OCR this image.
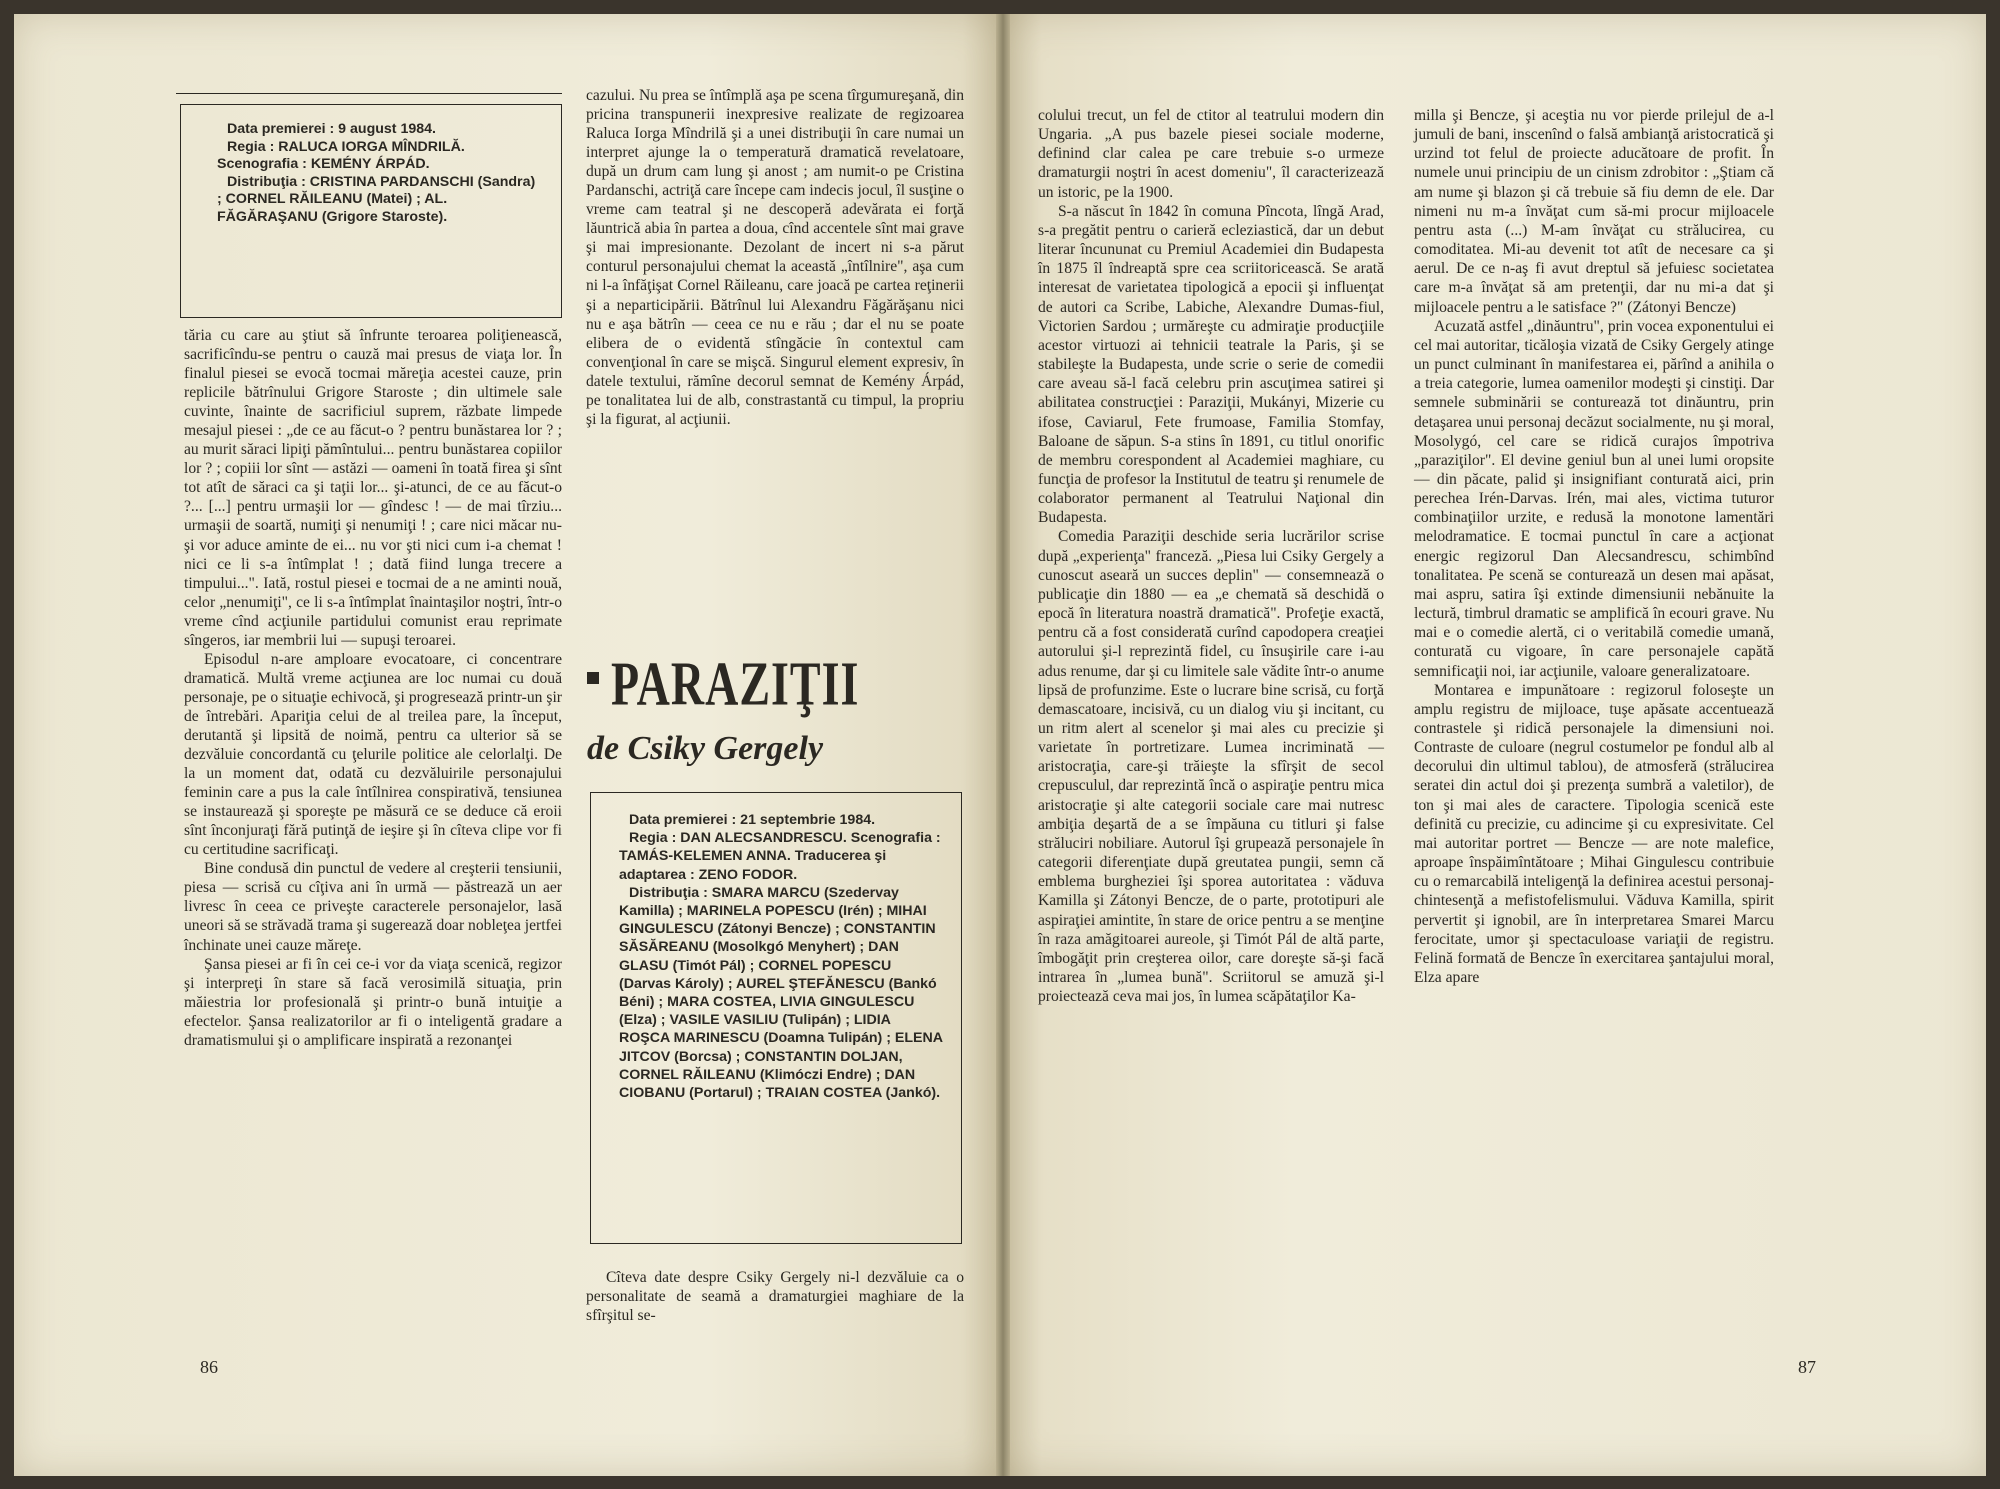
Data premierei : 9 august 1984.

Regia : RALUCA IORGA MÎNDRILĂ. Scenografia : KEMÉNY ÁRPÁD.

Distribuţia : CRISTINA PARDANSCHI (Sandra) ; CORNEL RĂILEANU (Matei) ; AL. FĂGĂRAŞANU (Grigore Staroste).

tăria cu care au ştiut să înfrunte teroarea poliţienească, sacrificîndu-se pentru o cauză mai presus de viaţa lor. În finalul piesei se evocă tocmai măreţia acestei cauze, prin replicile bătrînului Grigore Staroste ; din ultimele sale cuvinte, înainte de sacrificiul suprem, răzbate limpede mesajul piesei : „de ce au făcut-o ? pentru bunăstarea lor ? ; au murit săraci lipiţi pămîntului... pentru bunăstarea copiilor lor ? ; copiii lor sînt — astăzi — oameni în toată firea şi sînt tot atît de săraci ca şi taţii lor... şi-atunci, de ce au făcut-o ?... [...] pentru urmaşii lor — gîndesc ! — de mai tîrziu... urmaşii de soartă, numiţi şi nenumiţi ! ; care nici măcar nu-şi vor aduce aminte de ei... nu vor şti nici cum i-a chemat ! nici ce li s-a întîmplat ! ; dată fiind lunga trecere a timpului...". Iată, rostul piesei e tocmai de a ne aminti nouă, celor „nenumiţi", ce li s-a întîmplat înaintaşilor noştri, într-o vreme cînd acţiunile partidului comunist erau reprimate sîngeros, iar membrii lui — supuşi teroarei.

Episodul n-are amploare evocatoare, ci concentrare dramatică. Multă vreme acţiunea are loc numai cu două personaje, pe o situaţie echivocă, şi progresează printr-un şir de întrebări. Apariţia celui de al treilea pare, la început, derutantă şi lipsită de noimă, pentru ca ulterior să se dezvăluie concordantă cu ţelurile politice ale celorlalţi. De la un moment dat, odată cu dezvăluirile personajului feminin care a pus la cale întîlnirea conspirativă, tensiunea se instaurează şi sporeşte pe măsură ce se deduce că eroii sînt înconjuraţi fără putinţă de ieşire şi în cîteva clipe vor fi cu certitudine sacrificaţi.

Bine condusă din punctul de vedere al creşterii tensiunii, piesa — scrisă cu cîţiva ani în urmă — păstrează un aer livresc în ceea ce priveşte caracterele personajelor, lasă uneori să se străvadă trama şi sugerează doar nobleţea jertfei închinate unei cauze măreţe.

Şansa piesei ar fi în cei ce-i vor da viaţa scenică, regizor şi interpreţi în stare să facă verosimilă situaţia, prin măiestria lor profesională şi printr-o bună intuiţie a efectelor. Şansa realizatorilor ar fi o inteligentă gradare a dramatismului şi o amplificare inspirată a rezonanţei

cazului. Nu prea se întîmplă aşa pe scena tîrgumureşană, din pricina transpunerii inexpresive realizate de regizoarea Raluca Iorga Mîndrilă şi a unei distribuţii în care numai un interpret ajunge la o temperatură dramatică revelatoare, după un drum cam lung şi anost ; am numit-o pe Cristina Pardanschi, actriţă care începe cam indecis jocul, îl susţine o vreme cam teatral şi ne descoperă adevărata ei forţă lăuntrică abia în partea a doua, cînd accentele sînt mai grave şi mai impresionante. Dezolant de incert ni s-a părut conturul personajului chemat la această „întîlnire", aşa cum ni l-a înfăţişat Cornel Răileanu, care joacă pe cartea reţinerii şi a neparticipării. Bătrînul lui Alexandru Făgărăşanu nici nu e aşa bătrîn — ceea ce nu e rău ; dar el nu se poate elibera de o evidentă stîngăcie în contextul cam convenţional în care se mişcă. Singurul element expresiv, în datele textului, rămîne decorul semnat de Kemény Árpád, pe tonalitatea lui de alb, constrastantă cu timpul, la propriu şi la figurat, al acţiunii.

PARAZIŢII
de Csiky Gergely

Data premierei : 21 septembrie 1984.

Regia : DAN ALECSANDRESCU. Scenografia : TAMÁS-KELEMEN ANNA. Traducerea şi adaptarea : ZENO FODOR.

Distribuţia : SMARA MARCU (Szedervay Kamilla) ; MARINELA POPESCU (Irén) ; MIHAI GINGULESCU (Zátonyi Bencze) ; CONSTANTIN SĂSĂREANU (Mosolkgó Menyhert) ; DAN GLASU (Timót Pál) ; CORNEL POPESCU (Darvas Károly) ; AUREL ŞTEFĂNESCU (Bankó Béni) ; MARA COSTEA, LIVIA GINGULESCU (Elza) ; VASILE VASILIU (Tulipán) ; LIDIA ROŞCA MARINESCU (Doamna Tulipán) ; ELENA JITCOV (Borcsa) ; CONSTANTIN DOLJAN, CORNEL RĂILEANU (Klimóczi Endre) ; DAN CIOBANU (Portarul) ; TRAIAN COSTEA (Jankó).

Cîteva date despre Csiky Gergely ni-l dezvăluie ca o personalitate de seamă a dramaturgiei maghiare de la sfîrşitul se-

86

colului trecut, un fel de ctitor al teatrului modern din Ungaria. „A pus bazele piesei sociale moderne, definind clar calea pe care trebuie s-o urmeze dramaturgii noştri în acest domeniu", îl caracterizează un istoric, pe la 1900.

S-a născut în 1842 în comuna Pîncota, lîngă Arad, s-a pregătit pentru o carieră ecleziastică, dar un debut literar încununat cu Premiul Academiei din Budapesta în 1875 îl îndreaptă spre cea scriitoricească. Se arată interesat de varietatea tipologică a epocii şi influenţat de autori ca Scribe, Labiche, Alexandre Dumas-fiul, Victorien Sardou ; urmăreşte cu admiraţie producţiile acestor virtuozi ai tehnicii teatrale la Paris, şi se stabileşte la Budapesta, unde scrie o serie de comedii care aveau să-l facă celebru prin ascuţimea satirei şi abilitatea construcţiei : Paraziţii, Mukányi, Mizerie cu ifose, Caviarul, Fete frumoase, Familia Stomfay, Baloane de săpun. S-a stins în 1891, cu titlul onorific de membru corespondent al Academiei maghiare, cu funcţia de profesor la Institutul de teatru şi renumele de colaborator permanent al Teatrului Naţional din Budapesta.

Comedia Paraziţii deschide seria lucrărilor scrise după „experienţa" franceză. „Piesa lui Csiky Gergely a cunoscut aseară un succes deplin" — consemnează o publicaţie din 1880 — ea „e chemată să deschidă o epocă în literatura noastră dramatică". Profeţie exactă, pentru că a fost considerată curînd capodopera creaţiei autorului şi-l reprezintă fidel, cu însuşirile care i-au adus renume, dar şi cu limitele sale vădite într-o anume lipsă de profunzime. Este o lucrare bine scrisă, cu forţă demascatoare, incisivă, cu un dialog viu şi incitant, cu un ritm alert al scenelor şi mai ales cu precizie şi varietate în portretizare. Lumea incriminată — aristocraţia, care-şi trăieşte la sfîrşit de secol crepusculul, dar reprezintă încă o aspiraţie pentru mica aristocraţie şi alte categorii sociale care mai nutresc ambiţia deşartă de a se împăuna cu titluri şi false străluciri nobiliare. Autorul îşi grupează personajele în categorii diferenţiate după greutatea pungii, semn că emblema burgheziei îşi sporea autoritatea : văduva Kamilla şi Zátonyi Bencze, de o parte, prototipuri ale aspiraţiei amintite, în stare de orice pentru a se menţine în raza amăgitoarei aureole, şi Timót Pál de altă parte, îmbogăţit prin creşterea oilor, care doreşte să-şi facă intrarea în „lumea bună". Scriitorul se amuză şi-l proiectează ceva mai jos, în lumea scăpătaţilor Ka-

milla şi Bencze, şi aceştia nu vor pierde prilejul de a-l jumuli de bani, inscenînd o falsă ambianţă aristocratică şi urzind tot felul de proiecte aducătoare de profit. În numele unui principiu de un cinism zdrobitor : „Ştiam că am nume şi blazon şi că trebuie să fiu demn de ele. Dar nimeni nu m-a învăţat cum să-mi procur mijloacele pentru asta (...) M-am învăţat cu strălucirea, cu comoditatea. Mi-au devenit tot atît de necesare ca şi aerul. De ce n-aş fi avut dreptul să jefuiesc societatea care m-a învăţat să am pretenţii, dar nu mi-a dat şi mijloacele pentru a le satisface ?" (Zátonyi Bencze)

Acuzată astfel „dinăuntru", prin vocea exponentului ei cel mai autoritar, ticăloşia vizată de Csiky Gergely atinge un punct culminant în manifestarea ei, părînd a anihila o a treia categorie, lumea oamenilor modeşti şi cinstiţi. Dar semnele subminării se conturează tot dinăuntru, prin detaşarea unui personaj decăzut socialmente, nu şi moral, Mosolygó, cel care se ridică curajos împotriva „paraziţilor". El devine geniul bun al unei lumi oropsite — din păcate, palid şi insignifiant conturată aici, prin perechea Irén-Darvas. Irén, mai ales, victima tuturor combinaţiilor urzite, e redusă la monotone lamentări melodramatice. E tocmai punctul în care a acţionat energic regizorul Dan Alecsandrescu, schimbînd tonalitatea. Pe scenă se conturează un desen mai apăsat, mai aspru, satira îşi extinde dimensiunii nebănuite la lectură, timbrul dramatic se amplifică în ecouri grave. Nu mai e o comedie alertă, ci o veritabilă comedie umană, conturată cu vigoare, în care personajele capătă semnificaţii noi, iar acţiunile, valoare generalizatoare.

Montarea e impunătoare : regizorul foloseşte un amplu registru de mijloace, tuşe apăsate accentuează contrastele şi ridică personajele la dimensiuni noi. Contraste de culoare (negrul costumelor pe fondul alb al decorului din ultimul tablou), de atmosferă (strălucirea seratei din actul doi şi prezenţa sumbră a valetilor), de ton şi mai ales de caractere. Tipologia scenică este definită cu precizie, cu adincime şi cu expresivitate. Cel mai autoritar portret — Bencze — are note malefice, aproape înspăimîntătoare ; Mihai Gingulescu contribuie cu o remarcabilă inteligenţă la definirea acestui personaj-chintesenţă a mefistofelismului. Văduva Kamilla, spirit pervertit şi ignobil, are în interpretarea Smarei Marcu ferocitate, umor şi spectaculoase variaţii de registru. Felină formată de Bencze în exercitarea şantajului moral, Elza apare

87
